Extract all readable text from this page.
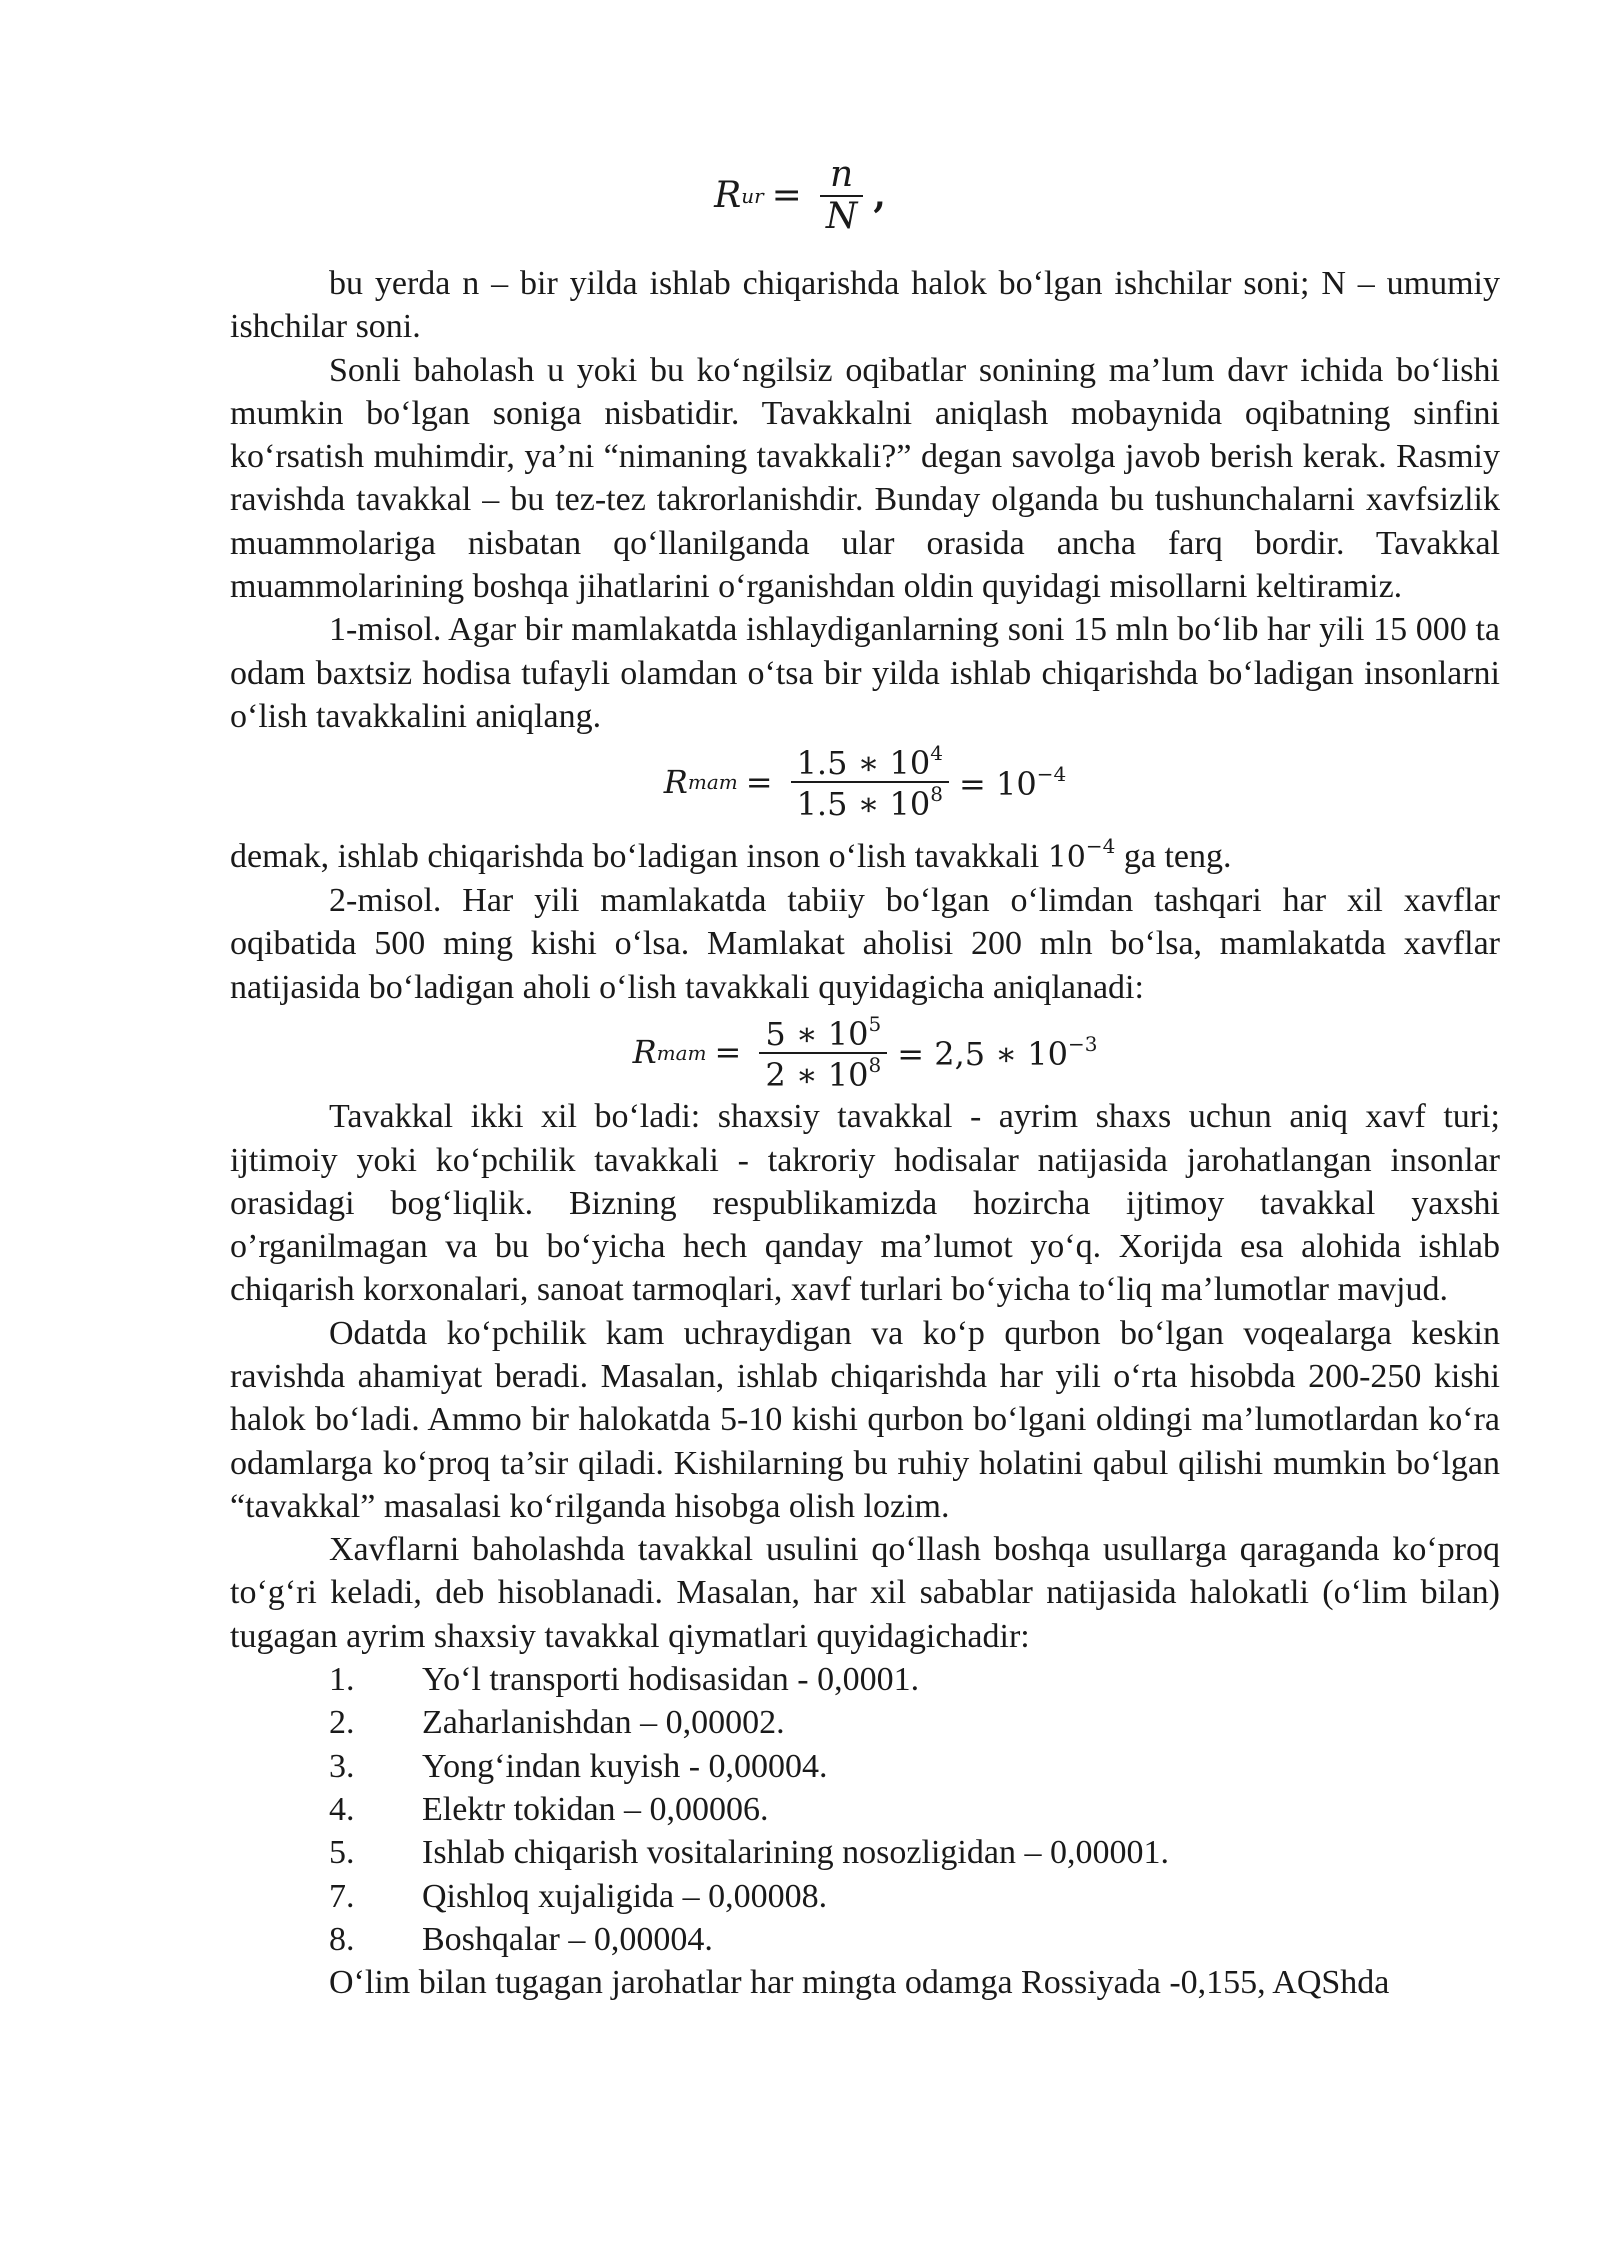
R ur = $\frac{n}{N}$ ,

bu yerda n – bir yilda ishlab chiqarishda halok bo‘lgan ishchilar soni; N – umumiy ishchilar soni.

Sonli baholash u yoki bu ko‘ngilsiz oqibatlar sonining ma’lum davr ichida bo‘lishi mumkin bo‘lgan soniga nisbatidir. Tavakkalni aniqlash mobaynida oqibatning sinfini ko‘rsatish muhimdir, ya’ni “nimaning tavakkali?” degan savolga javob berish kerak. Rasmiy ravishda tavakkal – bu tez-tez takrorlanishdir. Bunday olganda bu tushunchalarni xavfsizlik muammolariga nisbatan qo‘llanilganda ular orasida ancha farq bordir. Tavakkal muammolarining boshqa jihatlarini o‘rganishdan oldin quyidagi misollarni keltiramiz.

1-misol. Agar bir mamlakatda ishlaydiganlarning soni 15 mln bo‘lib har yili 15 000 ta odam baxtsiz hodisa tufayli olamdan o‘tsa bir yilda ishlab chiqarishda bo‘ladigan insonlarni o‘lish tavakkalini aniqlang.

R mam = $\frac{1.5 ∗ 10^4}{1.5 ∗ 10^8} = 10^{-4}$

demak, ishlab chiqarishda bo‘ladigan inson o‘lish tavakkali $10^{-4}$ ga teng.

2-misol. Har yili mamlakatda tabiiy bo‘lgan o‘limdan tashqari har xil xavflar oqibatida 500 ming kishi o‘lsa. Mamlakat aholisi 200 mln bo‘lsa, mamlakatda xavflar natijasida bo‘ladigan aholi o‘lish tavakkali quyidagicha aniqlanadi:

R mam = $\frac{5 ∗ 10^5}{2 ∗ 10^8} = 2,5$ ∗ $10^{-3}$

Tavakkal ikki xil bo‘ladi: shaxsiy tavakkal - ayrim shaxs uchun aniq xavf turi; ijtimoiy yoki ko‘pchilik tavakkali - takroriy hodisalar natijasida jarohatlangan insonlar orasidagi bog‘liqlik. Bizning respublikamizda hozircha ijtimoy tavakkal yaxshi o’rganilmagan va bu bo‘yicha hech qanday ma’lumot yo‘q. Xorijda esa alohida ishlab chiqarish korxonalari, sanoat tarmoqlari, xavf turlari bo‘yicha to‘liq ma’lumotlar mavjud.

Odatda ko‘pchilik kam uchraydigan va ko‘p qurbon bo‘lgan voqealarga keskin ravishda ahamiyat beradi. Masalan, ishlab chiqarishda har yili o‘rta hisobda 200-250 kishi halok bo‘ladi. Ammo bir halokatda 5-10 kishi qurbon bo‘lgani oldingi ma’lumotlardan ko‘ra odamlarga ko‘proq ta’sir qiladi. Kishilarning bu ruhiy holatini qabul qilishi mumkin bo‘lgan “tavakkal” masalasi ko‘rilganda hisobga olish lozim.

Xavflarni baholashda tavakkal usulini qo‘llash boshqa usullarga qaraganda ko‘proq to‘g‘ri keladi, deb hisoblanadi. Masalan, har xil sabablar natijasida halokatli (o‘lim bilan) tugagan ayrim shaxsiy tavakkal qiymatlari quyidagichadir:

1.	Yo‘l transporti hodisasidan - 0,0001.
2.	Zaharlanishdan – 0,00002.
3.	Yong‘indan kuyish - 0,00004.
4.	Elektr tokidan – 0,00006.
5.	Ishlab chiqarish vositalarining nosozligidan – 0,00001.
7.	Qishloq xujaligida – 0,00008.
8.	Boshqalar – 0,00004.

O‘lim bilan tugagan jarohatlar har mingta odamga Rossiyada -0,155, AQShda
